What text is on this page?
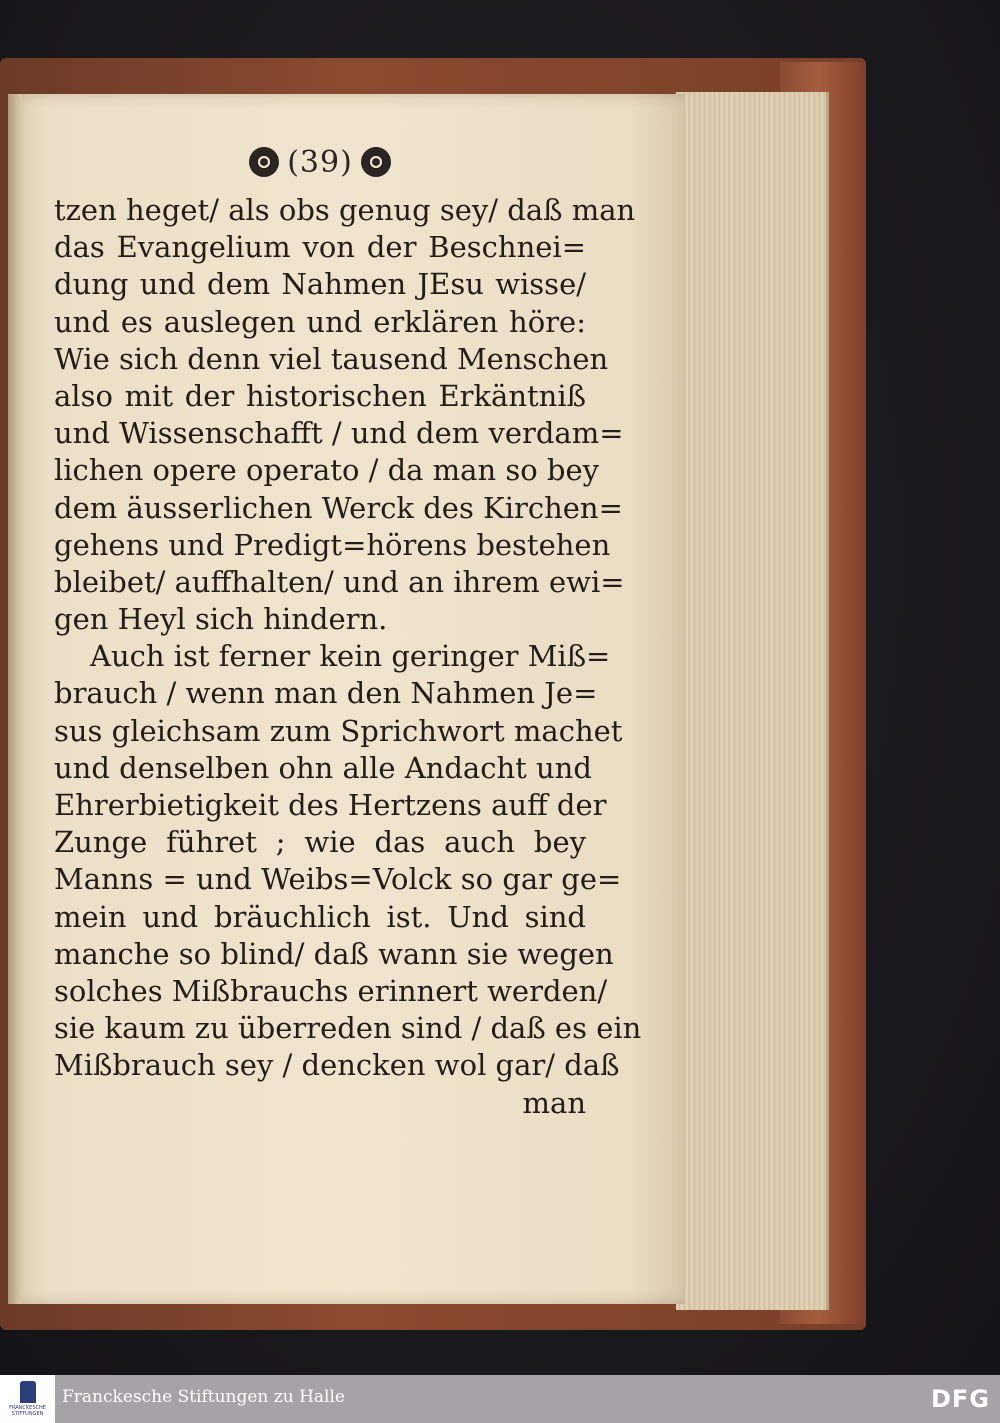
(39)
tzen heget/ als obs genug sey/ daß man
das Evangelium von der Beschnei=
dung und dem Nahmen JEsu wisse/
und es auslegen und erklären höre:
Wie sich denn viel tausend Menschen
also mit der historischen Erkäntniß
und Wissenschafft / und dem verdam=
lichen opere operato / da man so bey
dem äusserlichen Werck des Kirchen=
gehens und Predigt=hörens bestehen
bleibet/ auffhalten/ und an ihrem ewi=
gen Heyl sich hindern.
Auch ist ferner kein geringer Miß=
brauch / wenn man den Nahmen Je=
sus gleichsam zum Sprichwort machet
und denselben ohn alle Andacht und
Ehrerbietigkeit des Hertzens auff der
Zunge führet ; wie das auch bey
Manns = und Weibs=Volck so gar ge=
mein und bräuchlich ist. Und sind
manche so blind/ daß wann sie wegen
solches Mißbrauchs erinnert werden/
sie kaum zu überreden sind / daß es ein
Mißbrauch sey / dencken wol gar/ daß
man
FRANCKESCHE STIFTUNGEN
Franckesche Stiftungen zu Halle	DFG
